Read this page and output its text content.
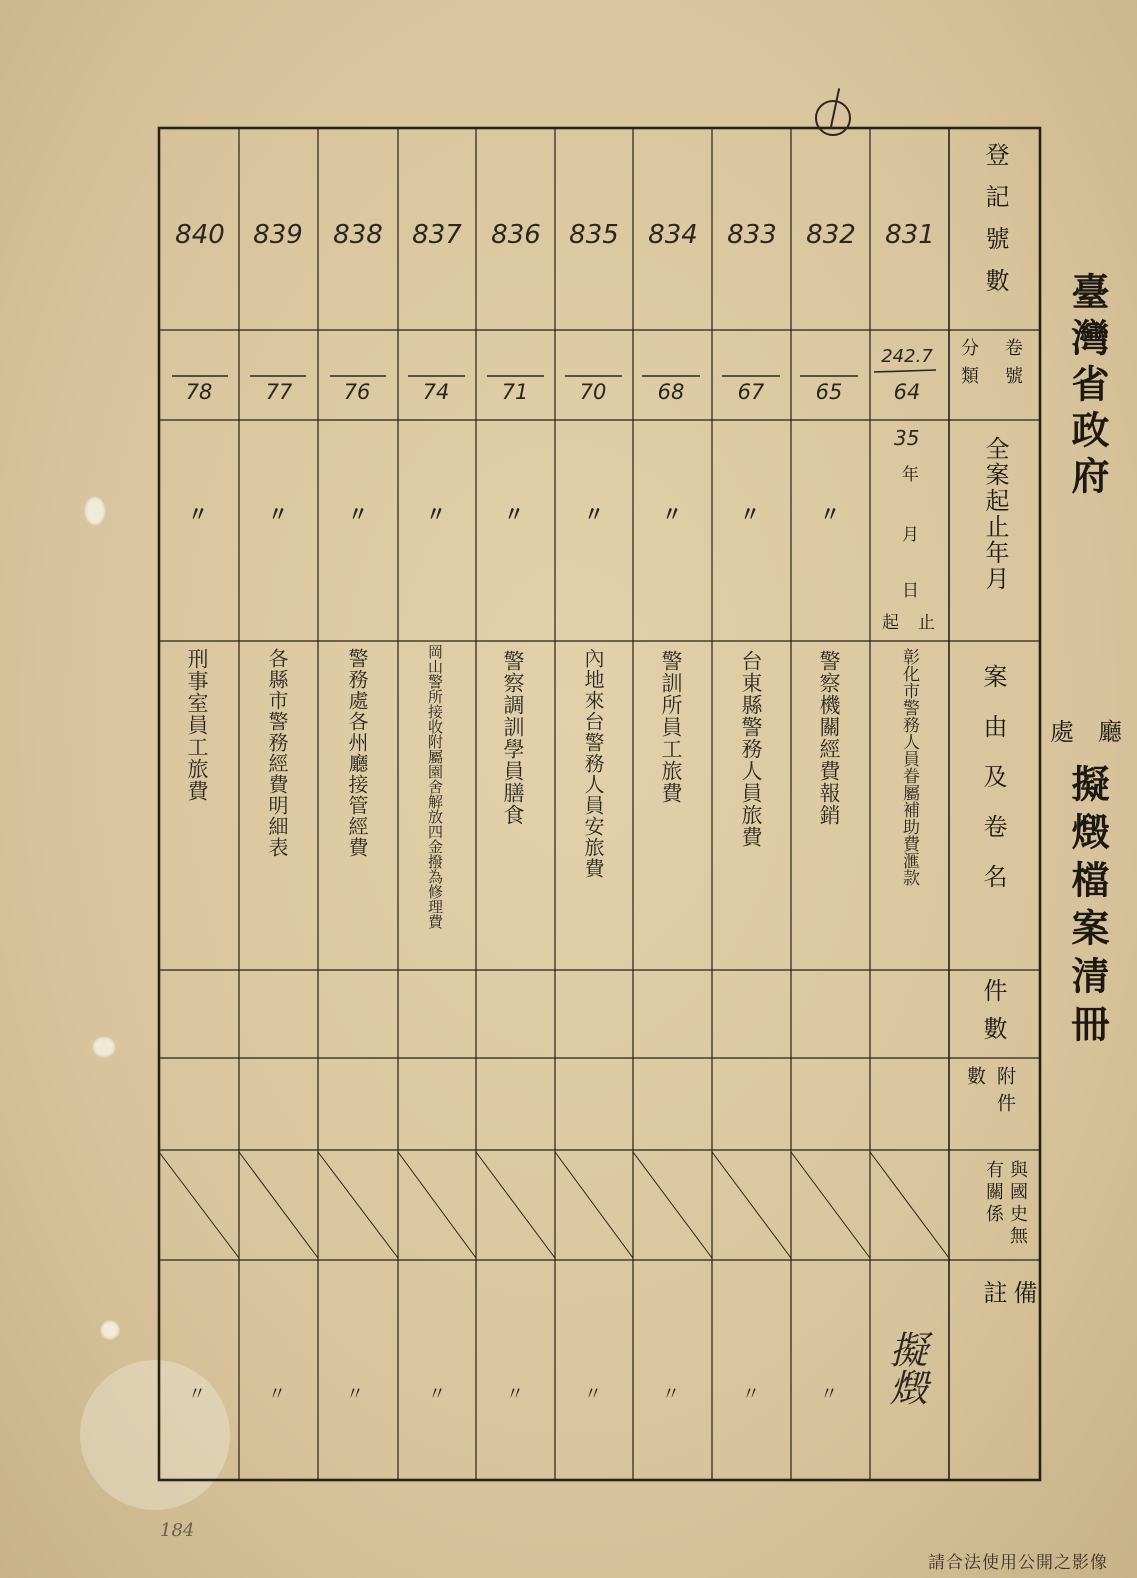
臺灣省政府
處 廳
擬燬檔案清冊
登記號數
卷號
分類
全案起止年月
案由及卷名
件數
附件數
與國史無有關係
備註
831
242.7
64
35
年
月
日
起 止
彰化市警務人員眷屬補助費滙款
擬燬
832
65
〃
警察機關經費報銷
〃
833
67
〃
台東縣警務人員旅費
〃
834
68
〃
警訓所員工旅費
〃
835
70
〃
內地來台警務人員安旅費
〃
836
71
〃
警察調訓學員膳食
〃
837
74
〃
岡山警所接收附屬園舍解放四金撥為修理費
〃
838
76
〃
警務處各州廳接管經費
〃
839
77
〃
各縣市警務經費明細表
〃
840
78
〃
刑事室員工旅費
〃
184
請合法使用公開之影像
